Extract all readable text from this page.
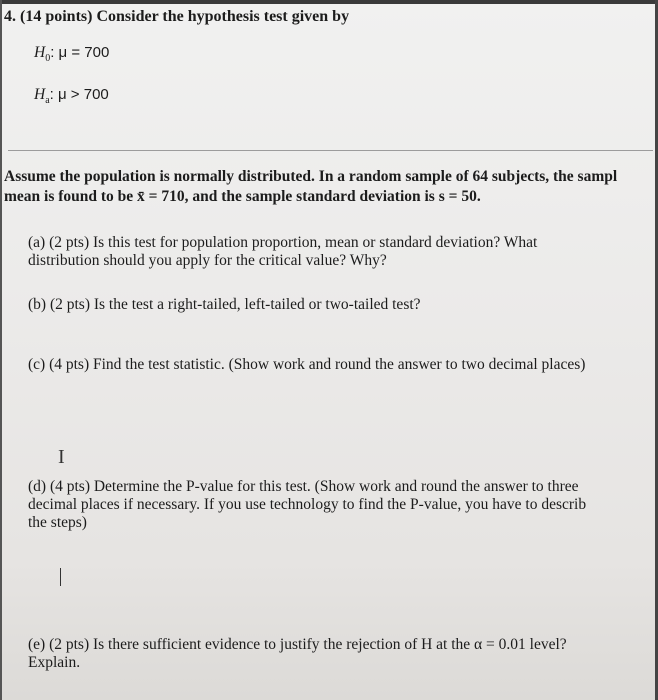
4. (14 points) Consider the hypothesis test given by
$H_0$: μ = 700
$H_a$: μ > 700
Assume the population is normally distributed. In a random sample of 64 subjects, the sampl
mean is found to be x̄ = 710, and the sample standard deviation is s = 50.
(a) (2 pts) Is this test for population proportion, mean or standard deviation? What
distribution should you apply for the critical value? Why?
(b) (2 pts) Is the test a right-tailed, left-tailed or two-tailed test?
(c) (4 pts) Find the test statistic. (Show work and round the answer to two decimal places)
I
(d) (4 pts) Determine the P-value for this test. (Show work and round the answer to three
decimal places if necessary. If you use technology to find the P-value, you have to describ
the steps)
(e) (2 pts) Is there sufficient evidence to justify the rejection of H at the α = 0.01 level?
Explain.
